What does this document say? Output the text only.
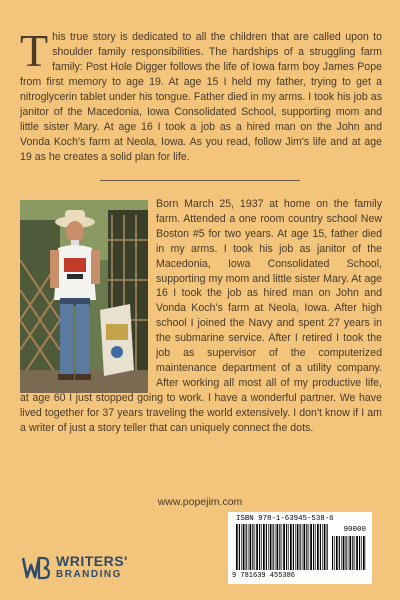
This true story is dedicated to all the children that are called upon to shoulder family responsibilities. The hardships of a struggling farm family: Post Hole Digger follows the life of Iowa farm boy James Pope from first memory to age 19. At age 15 I held my father, trying to get a nitroglycerin tablet under his tongue. Father died in my arms. I took his job as janitor of the Macedonia, Iowa Consolidated School, supporting mom and little sister Mary. At age 16 I took a job as a hired man on the John and Vonda Koch's farm at Neola, Iowa. As you read, follow Jim's life and at age 19 as he creates a solid plan for life.
Born March 25, 1937 at home on the family farm. Attended a one room country school New Boston #5 for two years. At age 15, father died in my arms. I took his job as janitor of the Macedonia, Iowa Consolidated School, supporting my mom and little sister Mary. At age 16 I took the job as hired man on John and Vonda Koch's farm at Neola, Iowa. After high school I joined the Navy and spent 27 years in the submarine service. After I retired I took the job as supervisor of the computerized maintenance department of a utility company. After working all most all of my productive life, at age 60 I just stopped going to work. I have a wonderful partner. We have lived together for 37 years traveling the world extensively. I don't know if I am a writer of just a story teller that can uniquely connect the dots.
www.popejim.com
WRITERS'
BRANDING
ISBN 978-1-63945-538-6
90000
9 781639 455386
